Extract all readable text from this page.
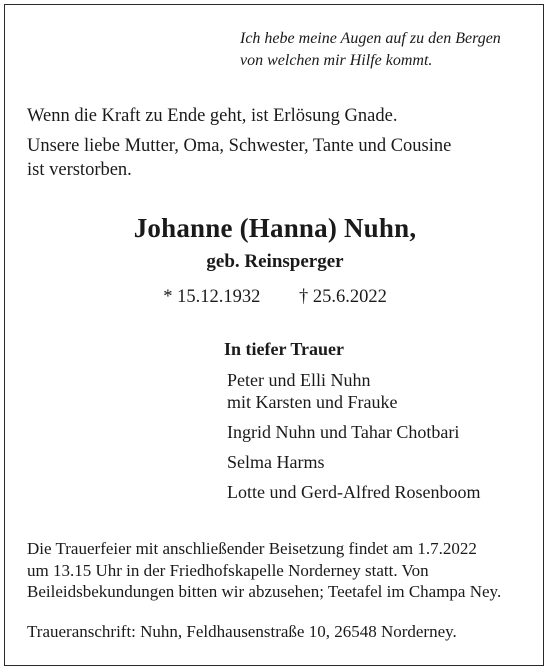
Ich hebe meine Augen auf zu den Bergen
von welchen mir Hilfe kommt.

Wenn die Kraft zu Ende geht, ist Erlösung Gnade.

Unsere liebe Mutter, Oma, Schwester, Tante und Cousine
ist verstorben.

Johanne (Hanna) Nuhn,
geb. Reinsperger
* 15.12.1932 † 25.6.2022
In tiefer Trauer
Peter und Elli Nuhn
mit Karsten und Frauke
Ingrid Nuhn und Tahar Chotbari
Selma Harms
Lotte und Gerd-Alfred Rosenboom
Die Trauerfeier mit anschließender Beisetzung findet am 1.7.2022
um 13.15 Uhr in der Friedhofskapelle Norderney statt. Von
Beileidsbekundungen bitten wir abzusehen; Teetafel im Champa Ney.
Traueranschrift: Nuhn, Feldhausenstraße 10, 26548 Norderney.
